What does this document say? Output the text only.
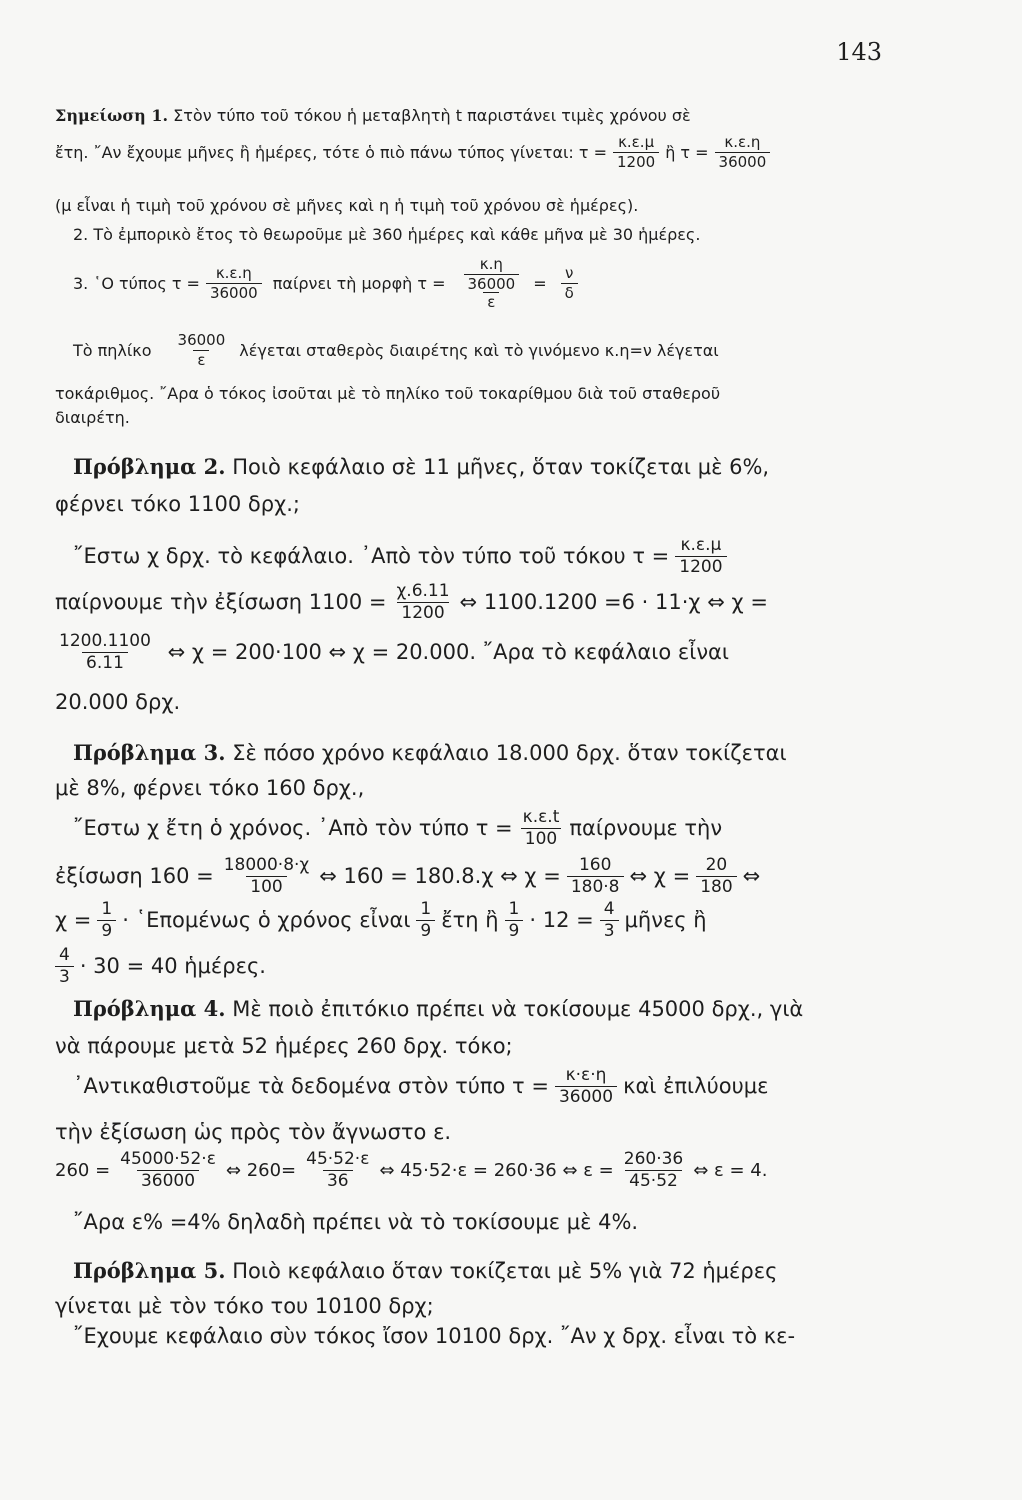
143
Σημείωση 1.
Στὸν τύπο τοῦ τόκου ἡ μεταβλητὴ t παριστάνει τιμὲς χρόνου σὲ
ἔτη. ῎Αν ἔχουμε μῆνες ἢ ἡμέρες, τότε ὁ πιὸ πάνω τύπος γίνεται: $\tau = \frac{\kappa.\varepsilon.\mu}{1200}$ ἢ $\tau = \frac{\kappa.\varepsilon.\eta}{36000}$
(μ εἶναι ἡ τιμὴ τοῦ χρόνου σὲ μῆνες καὶ η ἡ τιμὴ τοῦ χρόνου σὲ ἡμέρες).
2. Τὸ ἐμπορικὸ ἔτος τὸ θεωροῦμε μὲ 360 ἡμέρες καὶ κάθε μῆνα μὲ 30 ἡμέρες.
3. ῾Ο τύπος $\tau = \frac{\kappa.\varepsilon.\eta}{36000}$
παίρνει τὴ μορφὴ τ =
κ.η
36000
ε
= $\frac{\nu}{\delta}$
Τὸ πηλίκο
36000
ε λέγεται σταθερὸς διαιρέτης καὶ τὸ γινόμενο κ.η=ν λέγεται
τοκάριθμος. ῎Αρα ὁ τόκος ἰσοῦται μὲ τὸ πηλίκο τοῦ τοκαρίθμου διὰ τοῦ σταθεροῦ
διαιρέτη.
Πρόβλημα 2.
Ποιὸ κεφάλαιο σὲ 11 μῆνες, ὅταν τοκίζεται μὲ 6%,
φέρνει τόκο 1100 δρχ.;
῎Εστω χ δρχ. τὸ κεφάλαιο. ᾿Απὸ τὸν τύπο τοῦ τόκου $\tau = \frac{\kappa.\varepsilon.\mu}{1200}$
παίρνουμε τὴν ἐξίσωση $1100 = \frac{\chi.6.11}{1200}$ ⇔ 1100.1200 =6 · 11·χ ⇔ χ =
1200.1100
6.11
⇔ χ = 200·100 ⇔ χ = 20.000. ῎Αρα τὸ κεφάλαιο εἶναι
20.000 δρχ.
Πρόβλημα 3.
Σὲ πόσο χρόνο κεφάλαιο 18.000 δρχ. ὅταν τοκίζεται
μὲ 8%, φέρνει τόκο 160 δρχ.,
῎Εστω χ ἔτη ὁ χρόνος. ᾿Απὸ τὸν τύπο $\tau = \frac{\kappa.\varepsilon.t}{100}$ παίρνουμε τὴν
ἐξίσωση $160 = \frac{18000\cdot 8\cdot\chi}{100}$ ⇔ 160 = 180.8.χ ⇔ $\chi = \frac{160}{180\cdot 8}$ ⇔ $\chi = \frac{20}{180}$ ⇔
$\chi = \frac{1}{9}$ · ῾Επομένως ὁ χρόνος εἶναι 1
9 ἔτη ἢ 1
$9 \cdot 12 = \frac{4}{3}$ μῆνες ἢ
4
3 · 30 = 40 ἡμέρες.
Πρόβλημα 4.
Μὲ ποιὸ ἐπιτόκιο πρέπει νὰ τοκίσουμε 45000 δρχ., γιὰ
νὰ πάρουμε μετὰ 52 ἡμέρες 260 δρχ. τόκο;
᾿Αντικαθιστοῦμε τὰ δεδομένα στὸν τύπο $\tau = \frac{\kappa\cdot\varepsilon\cdot\eta}{36000}$ καὶ ἐπιλύουμε
τὴν ἐξίσωση ὡς πρὸς τὸν ἄγνωστο ε.
$260 = \frac{45000\cdot 52\cdot\varepsilon}{36000}$ ⇔ $260= \frac{45\cdot 52\cdot\varepsilon}{36}$ ⇔ 45·52·ε = 260·36 ⇔ $\varepsilon = \frac{260\cdot 36}{45\cdot 52}$ ⇔ ε = 4.
῎Αρα ε% =4% δηλαδὴ πρέπει νὰ τὸ τοκίσουμε μὲ 4%.
Πρόβλημα 5.
Ποιὸ κεφάλαιο ὅταν τοκίζεται μὲ 5% γιὰ 72 ἡμέρες
γίνεται μὲ τὸν τόκο του 10100 δρχ;
῎Εχουμε κεφάλαιο σὺν τόκος ἴσον 10100 δρχ. ῎Αν χ δρχ. εἶναι τὸ κε-
